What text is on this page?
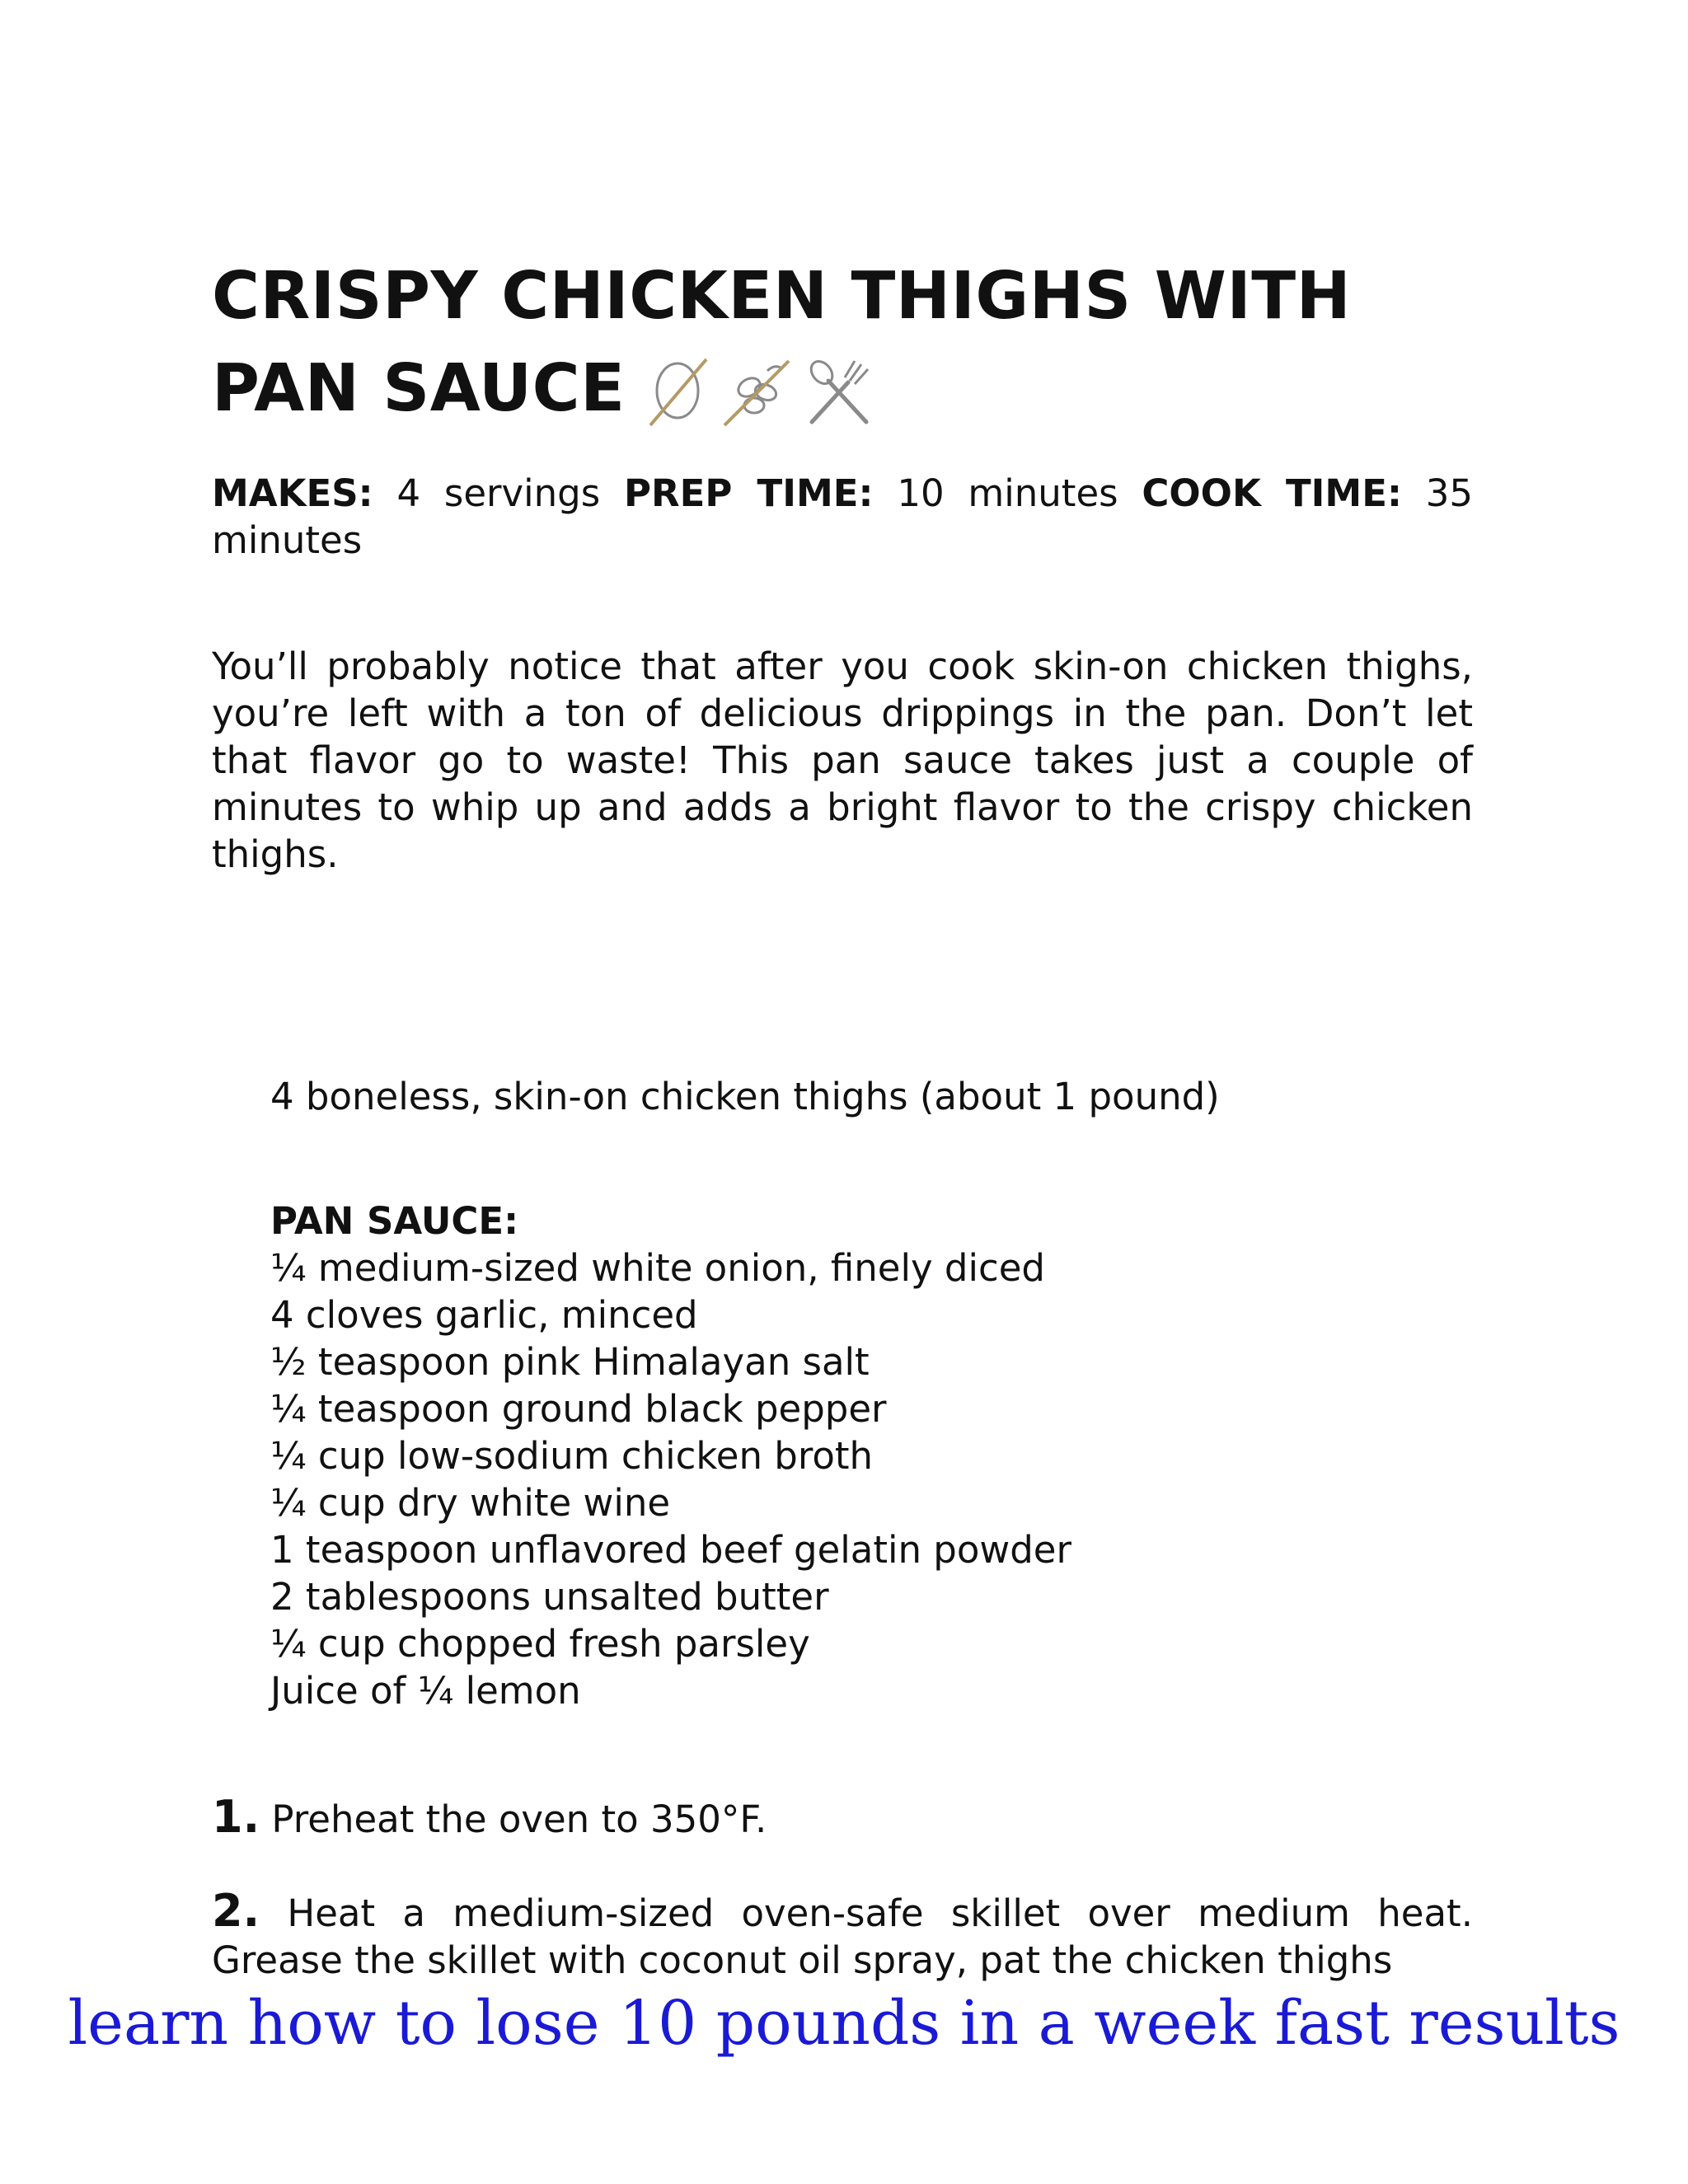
CRISPY CHICKEN THIGHS WITH
PAN SAUCE
MAKES: 4 servings PREP TIME: 10 minutes COOK TIME: 35 minutes

You’ll probably notice that after you cook skin-on chicken thighs, you’re left with a ton of delicious drippings in the pan. Don’t let that flavor go to waste! This pan sauce takes just a couple of minutes to whip up and adds a bright flavor to the crispy chicken thighs.

4 boneless, skin-on chicken thighs (about 1 pound)
PAN SAUCE:
¼ medium-sized white onion, finely diced
4 cloves garlic, minced
½ teaspoon pink Himalayan salt
¼ teaspoon ground black pepper
¼ cup low-sodium chicken broth
¼ cup dry white wine
1 teaspoon unflavored beef gelatin powder
2 tablespoons unsalted butter
¼ cup chopped fresh parsley
Juice of ¼ lemon
1. Preheat the oven to 350°F.
2. Heat a medium-sized oven-safe skillet over medium heat. Grease the skillet with coconut oil spray, pat the chicken thighs
learn how to lose 10 pounds in a week fast results
